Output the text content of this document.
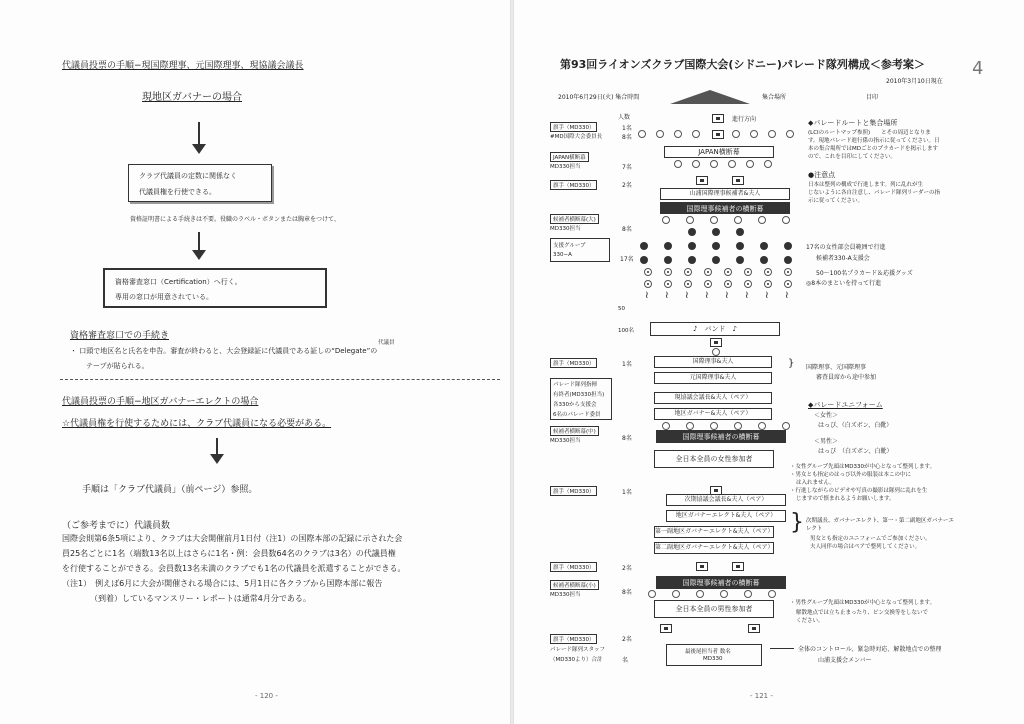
代議員投票の手順−現国際理事、元国際理事、現協議会議長
現地区ガバナーの場合
クラブ代議員の定数に関係なく
代議員権を行使できる。
資格証明書による手続きは不要。役職のラベル・ボタンまたは胸章をつけて、
資格審査窓口（Certification）へ行く。
専用の窓口が用意されている。
資格審査窓口での手続き
代議員
・ 口頭で地区名と氏名を申告。審査が終わると、大会登録証に代議員である証しの“Delegate”の
テープが貼られる。
代議員投票の手順−地区ガバナーエレクトの場合
☆代議員権を行使するためには、クラブ代議員になる必要がある。
手順は「クラブ代議員」（前ページ）参照。
（ご参考までに）代議員数
国際会則第6条5項により、クラブは大会開催前月1日付（注1）の国際本部の記録に示された会
員25名ごとに1名（端数13名以上はさらに1名・例：会員数64名のクラブは3名）の代議員権
を行使することができる。会員数13名未満のクラブでも1名の代議員を派遣することができる。
（注1）　例えば6月に大会が開催される場合には、5月1日に各クラブから国際本部に報告
　　　　（到着）しているマンスリー・レポートは通常4月分である。
- 120 -
第93回ライオンズクラブ国際大会(シドニー)パレード隊列構成＜参考案＞	4
2010年3月10日現在
2010年6月29日(火) 集合時間	集合場所	目印
人数	進行方向
旗手（MD330）	1名
#MD国際大会委員長	8名
JAPAN横断幕
MD330担当	7名
旗手（MD330）	2名
候補者横断幕(大)
MD330担当	8名
支援グループ
330−A
17名
50
100名
旗手（MD330）	1名
パレード隊列指揮
有終者(MD330担当)
各330から支援会
6名のパレード委員
候補者横断幕(中)
MD330担当	8名
旗手（MD330）	1名
旗手（MD330）	2名
候補者横断幕(小)
MD330担当	8名
旗手（MD330）	2名
パレード隊列スタッフ
（MD330より）合計	名
JAPAN横断幕
山浦国際理事候補者&夫人
国際理事候補者の横断幕
≀ ≀ ≀ ≀ ≀ ≀ ≀ ≀
♪　バンド　♪
国際理事&夫人
元国際理事&夫人
現協議会議長&夫人（ペア）
地区ガバナー&夫人（ペア）
国際理事候補者の横断幕
全日本全員の女性参加者
次期協議会議長&夫人（ペア）
地区ガバナーエレクト&夫人（ペア）
第一副地区ガバナーエレクト&夫人（ペア）
第二副地区ガバナーエレクト&夫人（ペア）
国際理事候補者の横断幕
全日本全員の男性参加者
最後尾担当者 数名
MD330
◆パレードルートと集合場所
(LCIのルートマップ参照)　　とその周辺となりま
す。現地パレード進行係の指示に従ってください。日
本の集合場所ではMDごとのプラカードを掲示します
ので、これを目印にしてください。
●注意点
日本は整列の構成で行進します。列に乱れが生
じないように各自注意し、パレード隊列リーダーの指
示に従ってください。
17名の女性部会員範囲で行進
候補者330-A支援会
50〜100名プラカード＆応援グッズ
◎8本のまといを持って行進
} 国際理事、元国際理事
審査員席から途中参加
◆パレードユニフォーム
＜女性＞
はっぴ、（白ズボン、白靴）
＜男性＞
はっぴ　（白ズボン、白靴）
・女性グループ先頭はMD330が中心となって整列します。
・男女とも指定のはっぴ以外の服装は本この中に
は入れません。
・行進しながらのビデオや写真の撮影は隊列に乱れを生
じますので慎まれるようお願いします。
} 次期議長、ガバナーエレクト、第一・第二副地区ガバナーエ
レクト
男女とも指定のユニフォームでご参加ください。
夫人同伴の場合はペアで整列してください。
・男性グループ先頭はMD330が中心となって整列します。
解散地点では立ち止まったり、ピン交換等をしないで
ください。
全体のコントロール、緊急時対応、解散地点での整理
山浦支援会メンバー
- 121 -
